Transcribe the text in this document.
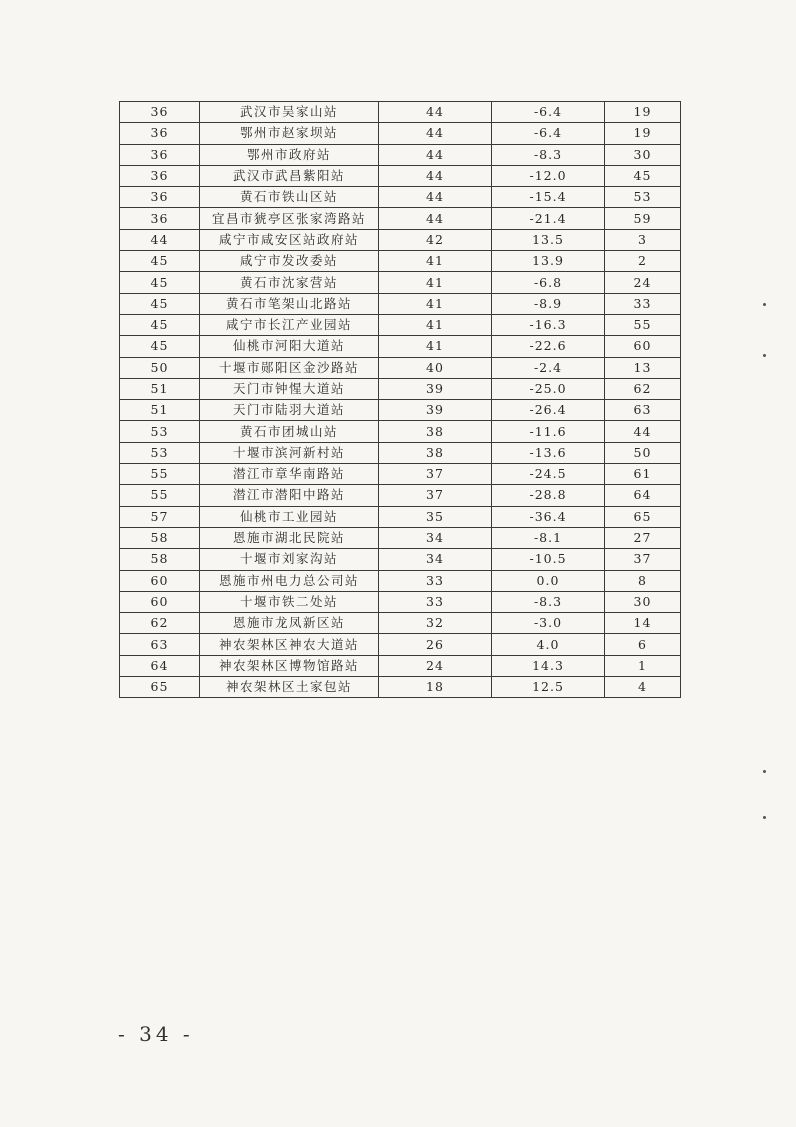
36	武汉市吴家山站	44	-6.4	19
36	鄂州市赵家坝站	44	-6.4	19
36	鄂州市政府站	44	-8.3	30
36	武汉市武昌紫阳站	44	-12.0	45
36	黄石市铁山区站	44	-15.4	53
36	宜昌市猇亭区张家湾路站	44	-21.4	59
44	咸宁市咸安区站政府站	42	13.5	3
45	咸宁市发改委站	41	13.9	2
45	黄石市沈家营站	41	-6.8	24
45	黄石市笔架山北路站	41	-8.9	33
45	咸宁市长江产业园站	41	-16.3	55
45	仙桃市河阳大道站	41	-22.6	60
50	十堰市郧阳区金沙路站	40	-2.4	13
51	天门市钟惺大道站	39	-25.0	62
51	天门市陆羽大道站	39	-26.4	63
53	黄石市团城山站	38	-11.6	44
53	十堰市滨河新村站	38	-13.6	50
55	潜江市章华南路站	37	-24.5	61
55	潜江市潜阳中路站	37	-28.8	64
57	仙桃市工业园站	35	-36.4	65
58	恩施市湖北民院站	34	-8.1	27
58	十堰市刘家沟站	34	-10.5	37
60	恩施市州电力总公司站	33	0.0	8
60	十堰市铁二处站	33	-8.3	30
62	恩施市龙凤新区站	32	-3.0	14
63	神农架林区神农大道站	26	4.0	6
64	神农架林区博物馆路站	24	14.3	1
65	神农架林区土家包站	18	12.5	4
- 34 -
